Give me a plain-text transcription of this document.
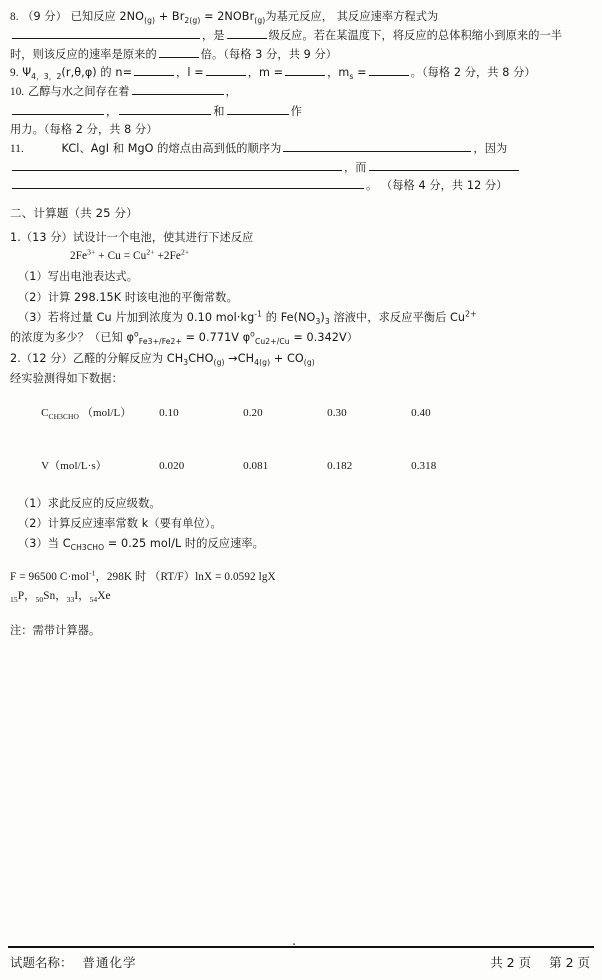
8. （9 分） 已知反应 $2NO_{(g)} + Br_{2(g)}$ = 2NOBr$_{(g)}$为基元反应， 其反应速率方程式为

，是	级反应。若在某温度下，将反应的总体积缩小到原来的一半

时，则该反应的速率是原来的	倍。（每格 3 分，共 9 分）

9. $\Psi_{4,3,2}(r,\theta,\varphi)$ 的 n=	，l =	，m =	，$m_s$ =	。（每格 2 分，共 8 分）

10. 乙醇与水之间存在着	，

，	和	作

用力。（每格 2 分，共 8 分）

11.	KCl、AgI 和 MgO 的熔点由高到低的顺序为	，因为

，而

。 （每格 4 分，共 12 分）

二、计算题（共 25 分）

1.（13 分）试设计一个电池，使其进行下述反应

$2Fe^{3+} + Cu = Cu^{2+} +2Fe^{2+}$

（1）写出电池表达式。

（2）计算 298.15K 时该电池的平衡常数。

（3）若将过量 Cu 片加到浓度为 0.10 $mol\cdot kg^{-1}$ 的 $Fe(NO_3)_3$ 溶液中，求反应平衡后 $Cu^{2+}$

的浓度为多少？（已知 $\varphi^o_{Fe3+/Fe2+} = 0.771V$ $\varphi^o_{Cu2+/Cu} = 0.342V$）

2.（12 分）乙醛的分解反应为 $CH_3CHO_{(g)} \to CH_{4(g)} + CO_{(g)}$

经实验测得如下数据：

$C_{CH3CHO}$ （mol/L）	0.10	0.20	0.30	0.40

V（mol/L·s）	0.020	0.081	0.182	0.318

（1）求此反应的反应级数。

（2）计算反应速率常数 k（要有单位）。

（3）当 $C_{CH3CHO} = 0.25$ mol/L 时的反应速率。

F = 96500 C·mol$^{-1}$，298K 时 （RT/F）lnX = 0.0592 lgX

$_{15}$P，$_{50}$Sn，$_{33}$I，$_{54}$Xe

注：需带计算器。

.
试题名称： 普通化学	共 2 页 第 2 页
